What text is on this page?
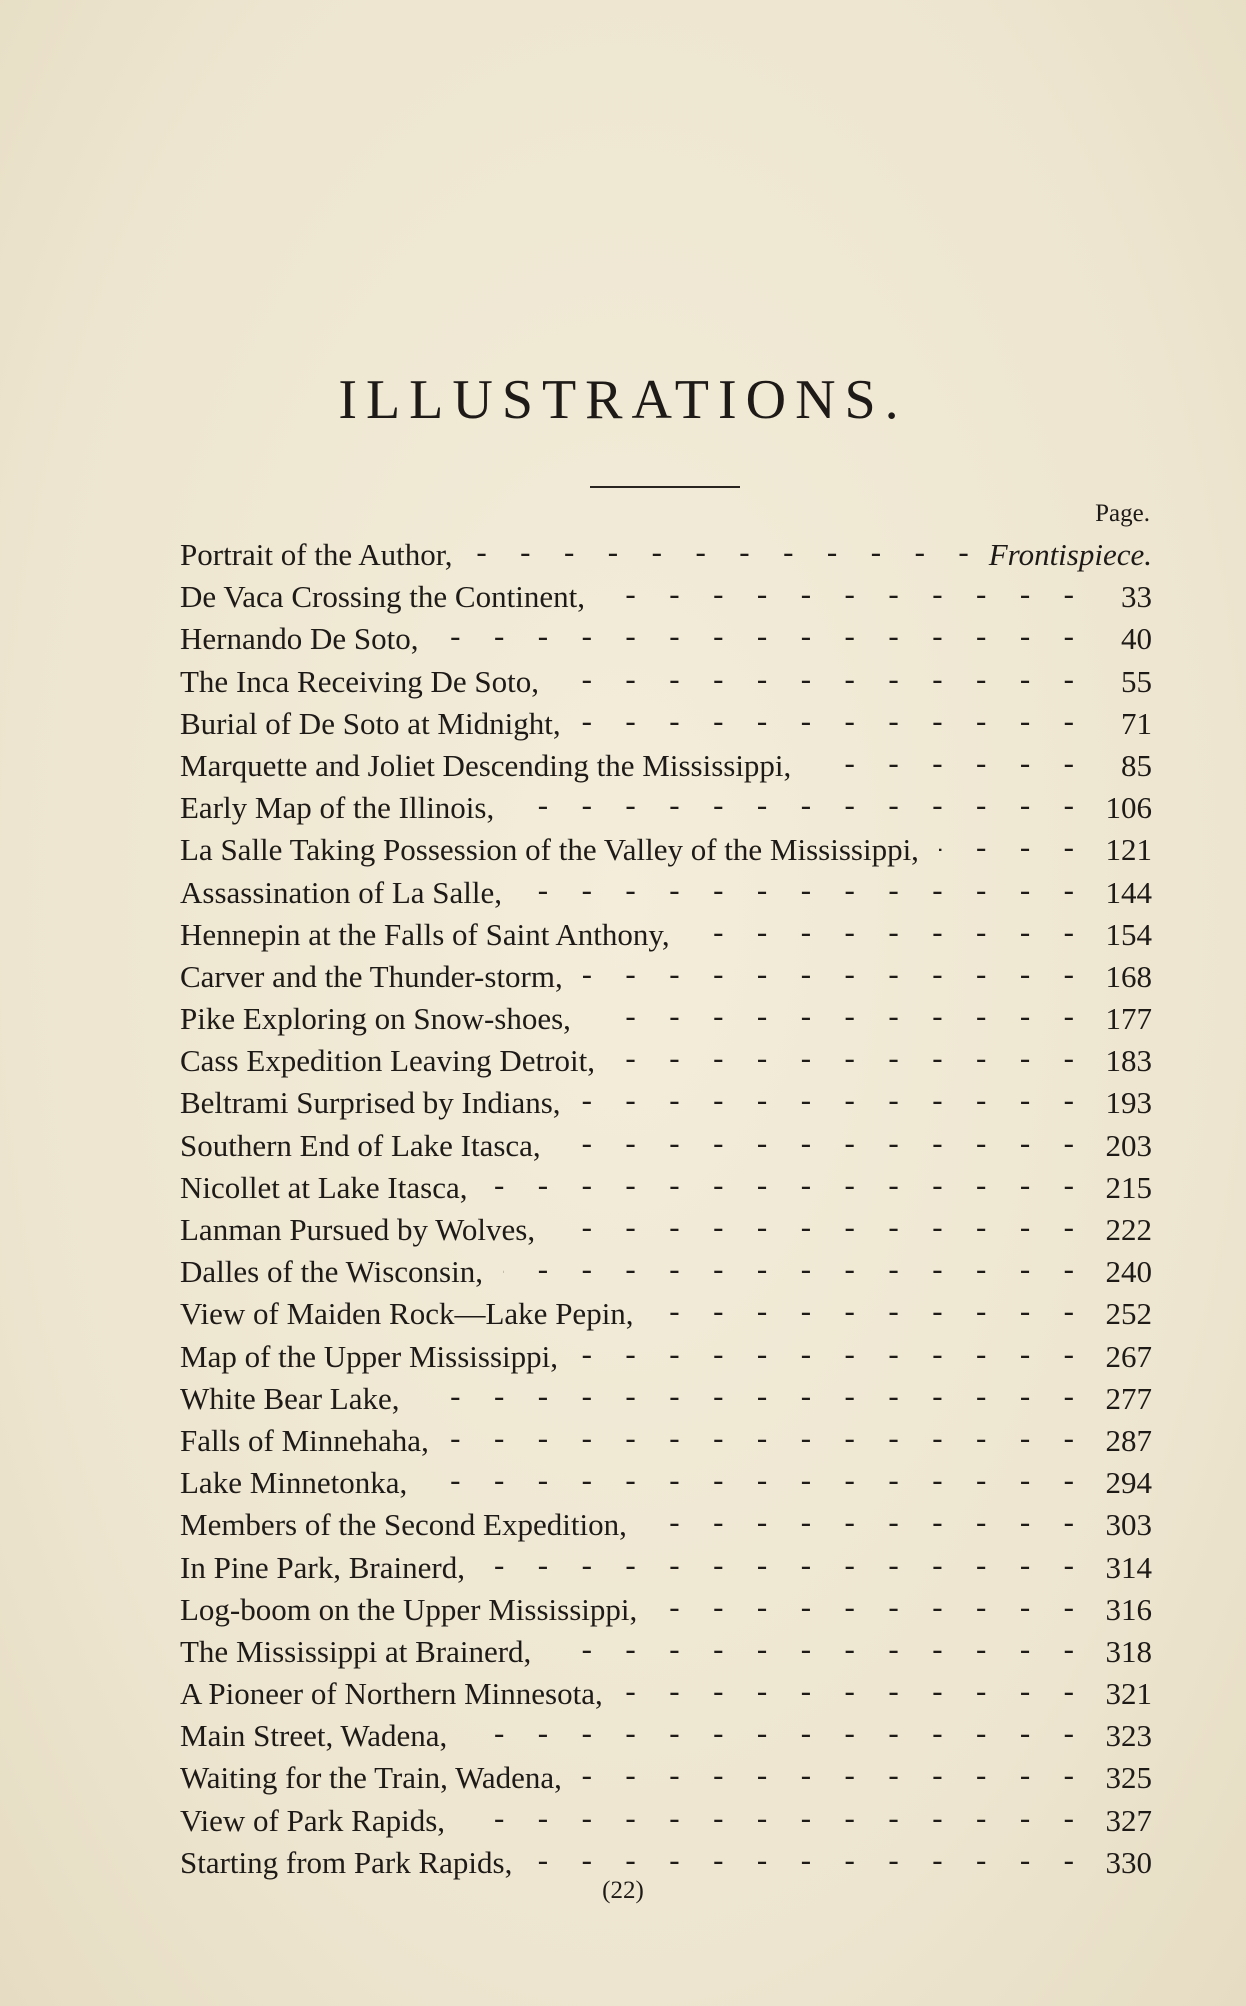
ILLUSTRATIONS.
Page.
Portrait of the Author, - -	Frontispiece.
De Vaca Crossing the Continent, - -	33
Hernando De Soto, - -	40
The Inca Receiving De Soto, - -	55
Burial of De Soto at Midnight, - -	71
Marquette and Joliet Descending the Mississippi, - -	85
Early Map of the Illinois, - -	106
La Salle Taking Possession of the Valley of the Mississippi, - -	121
Assassination of La Salle, - -	144
Hennepin at the Falls of Saint Anthony, - -	154
Carver and the Thunder-storm, - -	168
Pike Exploring on Snow-shoes, - -	177
Cass Expedition Leaving Detroit, - -	183
Beltrami Surprised by Indians, - -	193
Southern End of Lake Itasca, - -	203
Nicollet at Lake Itasca, - -	215
Lanman Pursued by Wolves, - -	222
Dalles of the Wisconsin, - -	240
View of Maiden Rock—Lake Pepin, - -	252
Map of the Upper Mississippi, - -	267
White Bear Lake, - -	277
Falls of Minnehaha, - -	287
Lake Minnetonka, - -	294
Members of the Second Expedition, - -	303
In Pine Park, Brainerd, - -	314
Log-boom on the Upper Mississippi, - -	316
The Mississippi at Brainerd, - -	318
A Pioneer of Northern Minnesota, - -	321
Main Street, Wadena, - -	323
Waiting for the Train, Wadena, - -	325
View of Park Rapids, - -	327
Starting from Park Rapids, - -	330
(22)
